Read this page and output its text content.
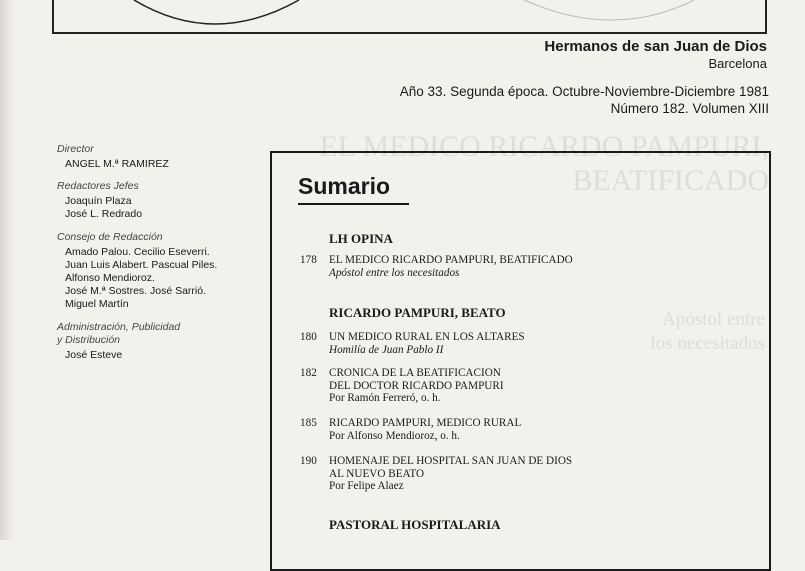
EL MEDICO RICARDO PAMPURI,
BEATIFICADO
Apóstol entre
los necesitados
Hermanos de san Juan de Dios
Barcelona
Año 33. Segunda época. Octubre-Noviembre-Diciembre 1981
Número 182. Volumen XIII
Director
ANGEL M.ª RAMIREZ
Redactores Jefes
Joaquín Plaza
José L. Redrado
Consejo de Redacción
Amado Palou. Cecilio Eseverri.
Juan Luis Alabert. Pascual Piles.
Alfonso Mendioroz.
José M.ª Sostres. José Sarrió.
Miguel Martín
Administración, Publicidad
y Distribución
José Esteve
Sumario
LH OPINA
178 EL MEDICO RICARDO PAMPURI, BEATIFICADO
Apóstol entre los necesitados
RICARDO PAMPURI, BEATO
180 UN MEDICO RURAL EN LOS ALTARES
Homilía de Juan Pablo II
182 CRONICA DE LA BEATIFICACION
DEL DOCTOR RICARDO PAMPURI
Por Ramón Ferreró, o. h.
185 RICARDO PAMPURI, MEDICO RURAL
Por Alfonso Mendioroz, o. h.
190 HOMENAJE DEL HOSPITAL SAN JUAN DE DIOS
AL NUEVO BEATO
Por Felipe Alaez
PASTORAL HOSPITALARIA
